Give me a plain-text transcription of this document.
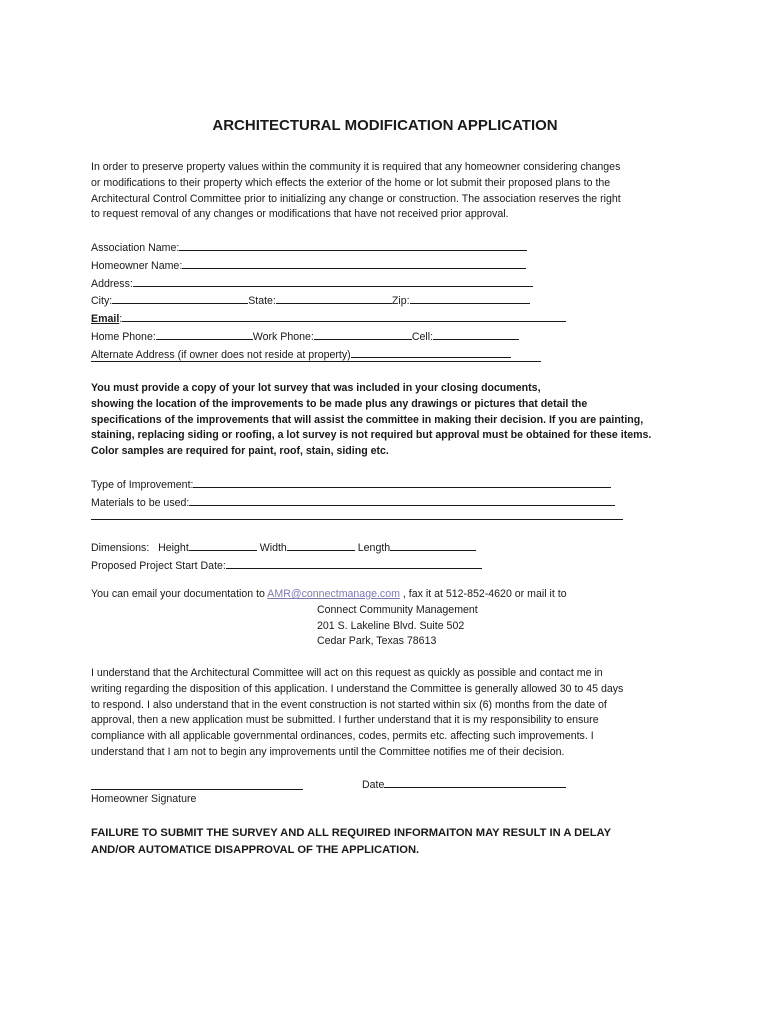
ARCHITECTURAL MODIFICATION APPLICATION

In order to preserve property values within the community it is required that any homeowner considering changes

or modifications to their property which effects the exterior of the home or lot submit their proposed plans to the

Architectural Control Committee prior to initializing any change or construction. The association reserves the right

to request removal of any changes or modifications that have not received prior approval.

Association Name:

Homeowner Name:

Address:

City:	State:	Zip:

Email:

Home Phone:	Work Phone:	Cell:

Alternate Address (if owner does not reside at property)

You must provide a copy of your lot survey that was included in your closing documents,

showing the location of the improvements to be made plus any drawings or pictures that detail the

specifications of the improvements that will assist the committee in making their decision. If you are painting,

staining, replacing siding or roofing, a lot survey is not required but approval must be obtained for these items.

Color samples are required for paint, roof, stain, siding etc.

Type of Improvement:

Materials to be used:

Dimensions: Height	Width	Length

Proposed Project Start Date:

You can email your documentation to AMR@connectmanage.com , fax it at 512-852-4620 or mail it to

Connect Community Management

201 S. Lakeline Blvd. Suite 502

Cedar Park, Texas 78613

I understand that the Architectural Committee will act on this request as quickly as possible and contact me in

writing regarding the disposition of this application. I understand the Committee is generally allowed 30 to 45 days

to respond. I also understand that in the event construction is not started within six (6) months from the date of

approval, then a new application must be submitted. I further understand that it is my responsibility to ensure

compliance with all applicable governmental ordinances, codes, permits etc. affecting such improvements. I

understand that I am not to begin any improvements until the Committee notifies me of their decision.

Date
Homeowner Signature

FAILURE TO SUBMIT THE SURVEY AND ALL REQUIRED INFORMAITON MAY RESULT IN A DELAY

AND/OR AUTOMATICE DISAPPROVAL OF THE APPLICATION.
